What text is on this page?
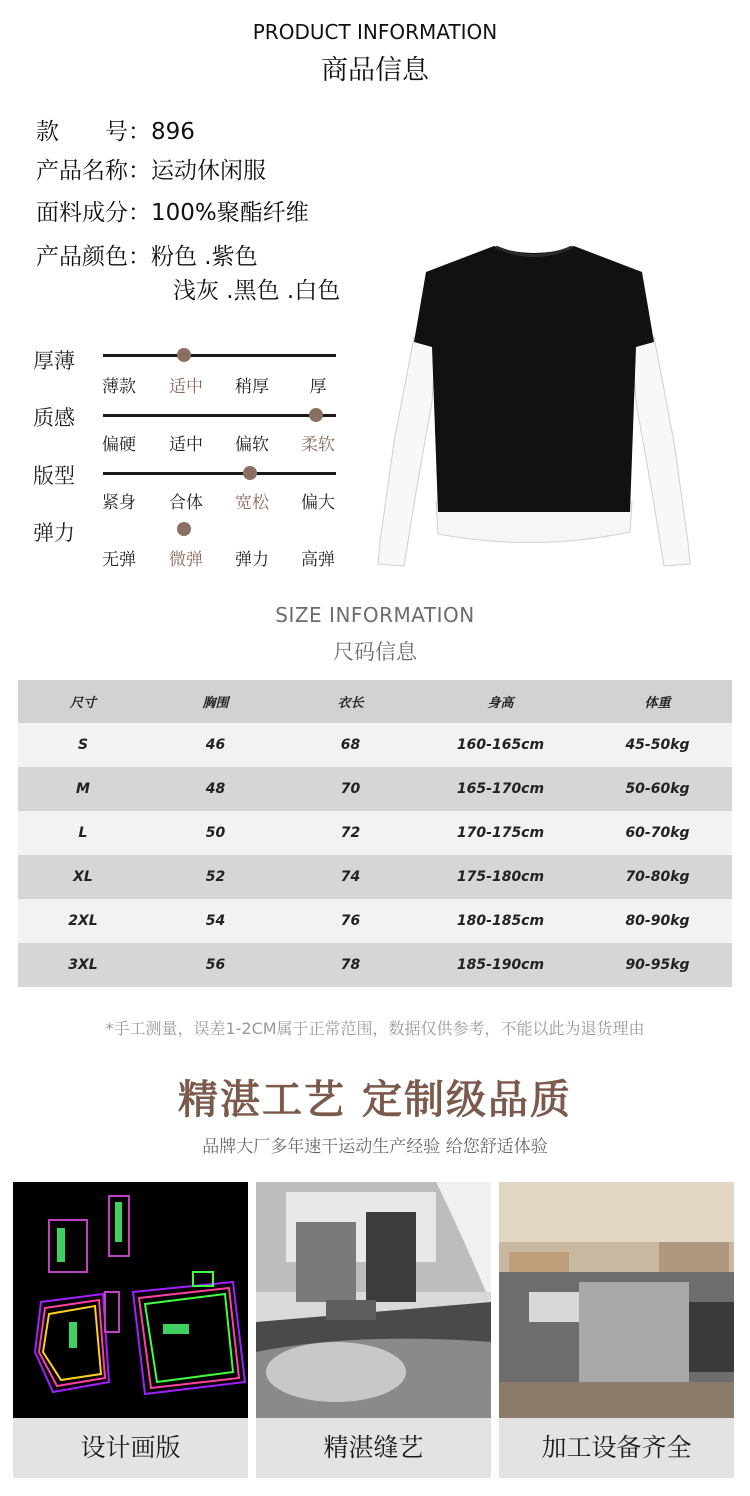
PRODUCT INFORMATION
商品信息
款　　号：896
产品名称：运动休闲服
面料成分：100%聚酯纤维
产品颜色：粉色 .紫色
浅灰 .黑色 .白色
厚薄
薄款	适中	稍厚	厚
质感
偏硬	适中	偏软	柔软
版型
紧身	合体	宽松	偏大
弹力
无弹	微弹	弹力	高弹
SIZE INFORMATION
尺码信息
尺寸	胸围	衣长	身高	体重
S	46	68	160-165cm	45-50kg
M	48	70	165-170cm	50-60kg
L	50	72	170-175cm	60-70kg
XL	52	74	175-180cm	70-80kg
2XL	54	76	180-185cm	80-90kg
3XL	56	78	185-190cm	90-95kg
*手工测量，误差1-2CM属于正常范围，数据仅供参考，不能以此为退货理由
精湛工艺 定制级品质
品牌大厂多年速干运动生产经验 给您舒适体验
设计画版	精湛缝艺	加工设备齐全
